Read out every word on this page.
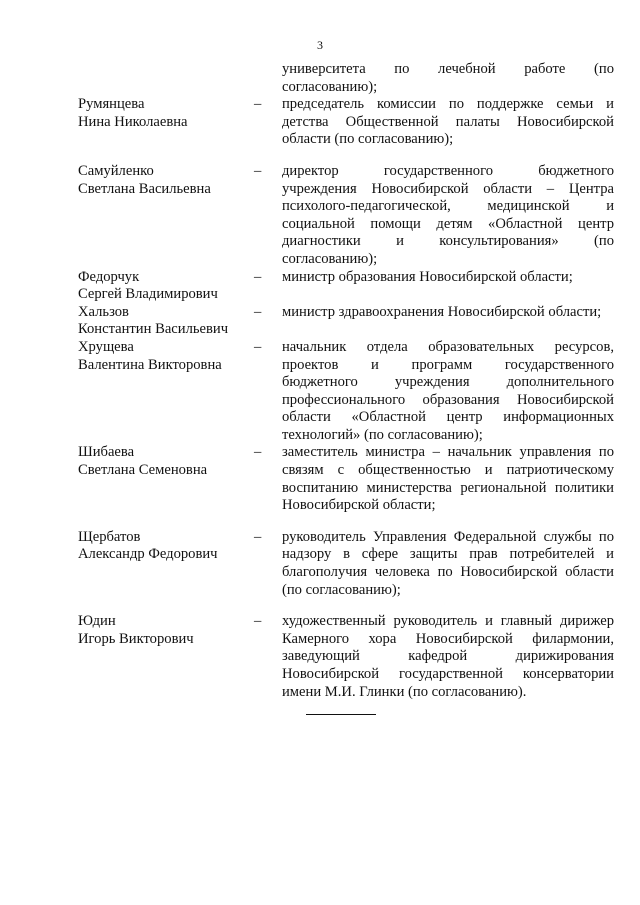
3

университета по лечебной работе (по
согласованию);
Румянцева
Нина Николаевна
–	председатель комиссии по поддержке семьи и
детства Общественной палаты Новосибирской
области (по согласованию);
Самуйленко
Светлана Васильевна
–	директор государственного бюджетного
учреждения Новосибирской области – Центра
психолого-педагогической, медицинской и
социальной помощи детям «Областной центр
диагностики и консультирования» (по
согласованию);
Федорчук
Сергей Владимирович
–	министр образования Новосибирской области;
Хальзов
Константин Васильевич
–	министр здравоохранения Новосибирской области;
Хрущева
Валентина Викторовна
–	начальник отдела образовательных ресурсов,
проектов и программ государственного
бюджетного учреждения дополнительного
профессионального образования Новосибирской
области «Областной центр информационных
технологий» (по согласованию);
Шибаева
Светлана Семеновна
–	заместитель министра – начальник управления по
связям с общественностью и патриотическому
воспитанию министерства региональной политики
Новосибирской области;
Щербатов
Александр Федорович
–	руководитель Управления Федеральной службы по
надзору в сфере защиты прав потребителей и
благополучия человека по Новосибирской области
(по согласованию);
Юдин
Игорь Викторович
–	художественный руководитель и главный дирижер
Камерного хора Новосибирской филармонии,
заведующий кафедрой дирижирования
Новосибирской государственной консерватории
имени М.И. Глинки (по согласованию).
